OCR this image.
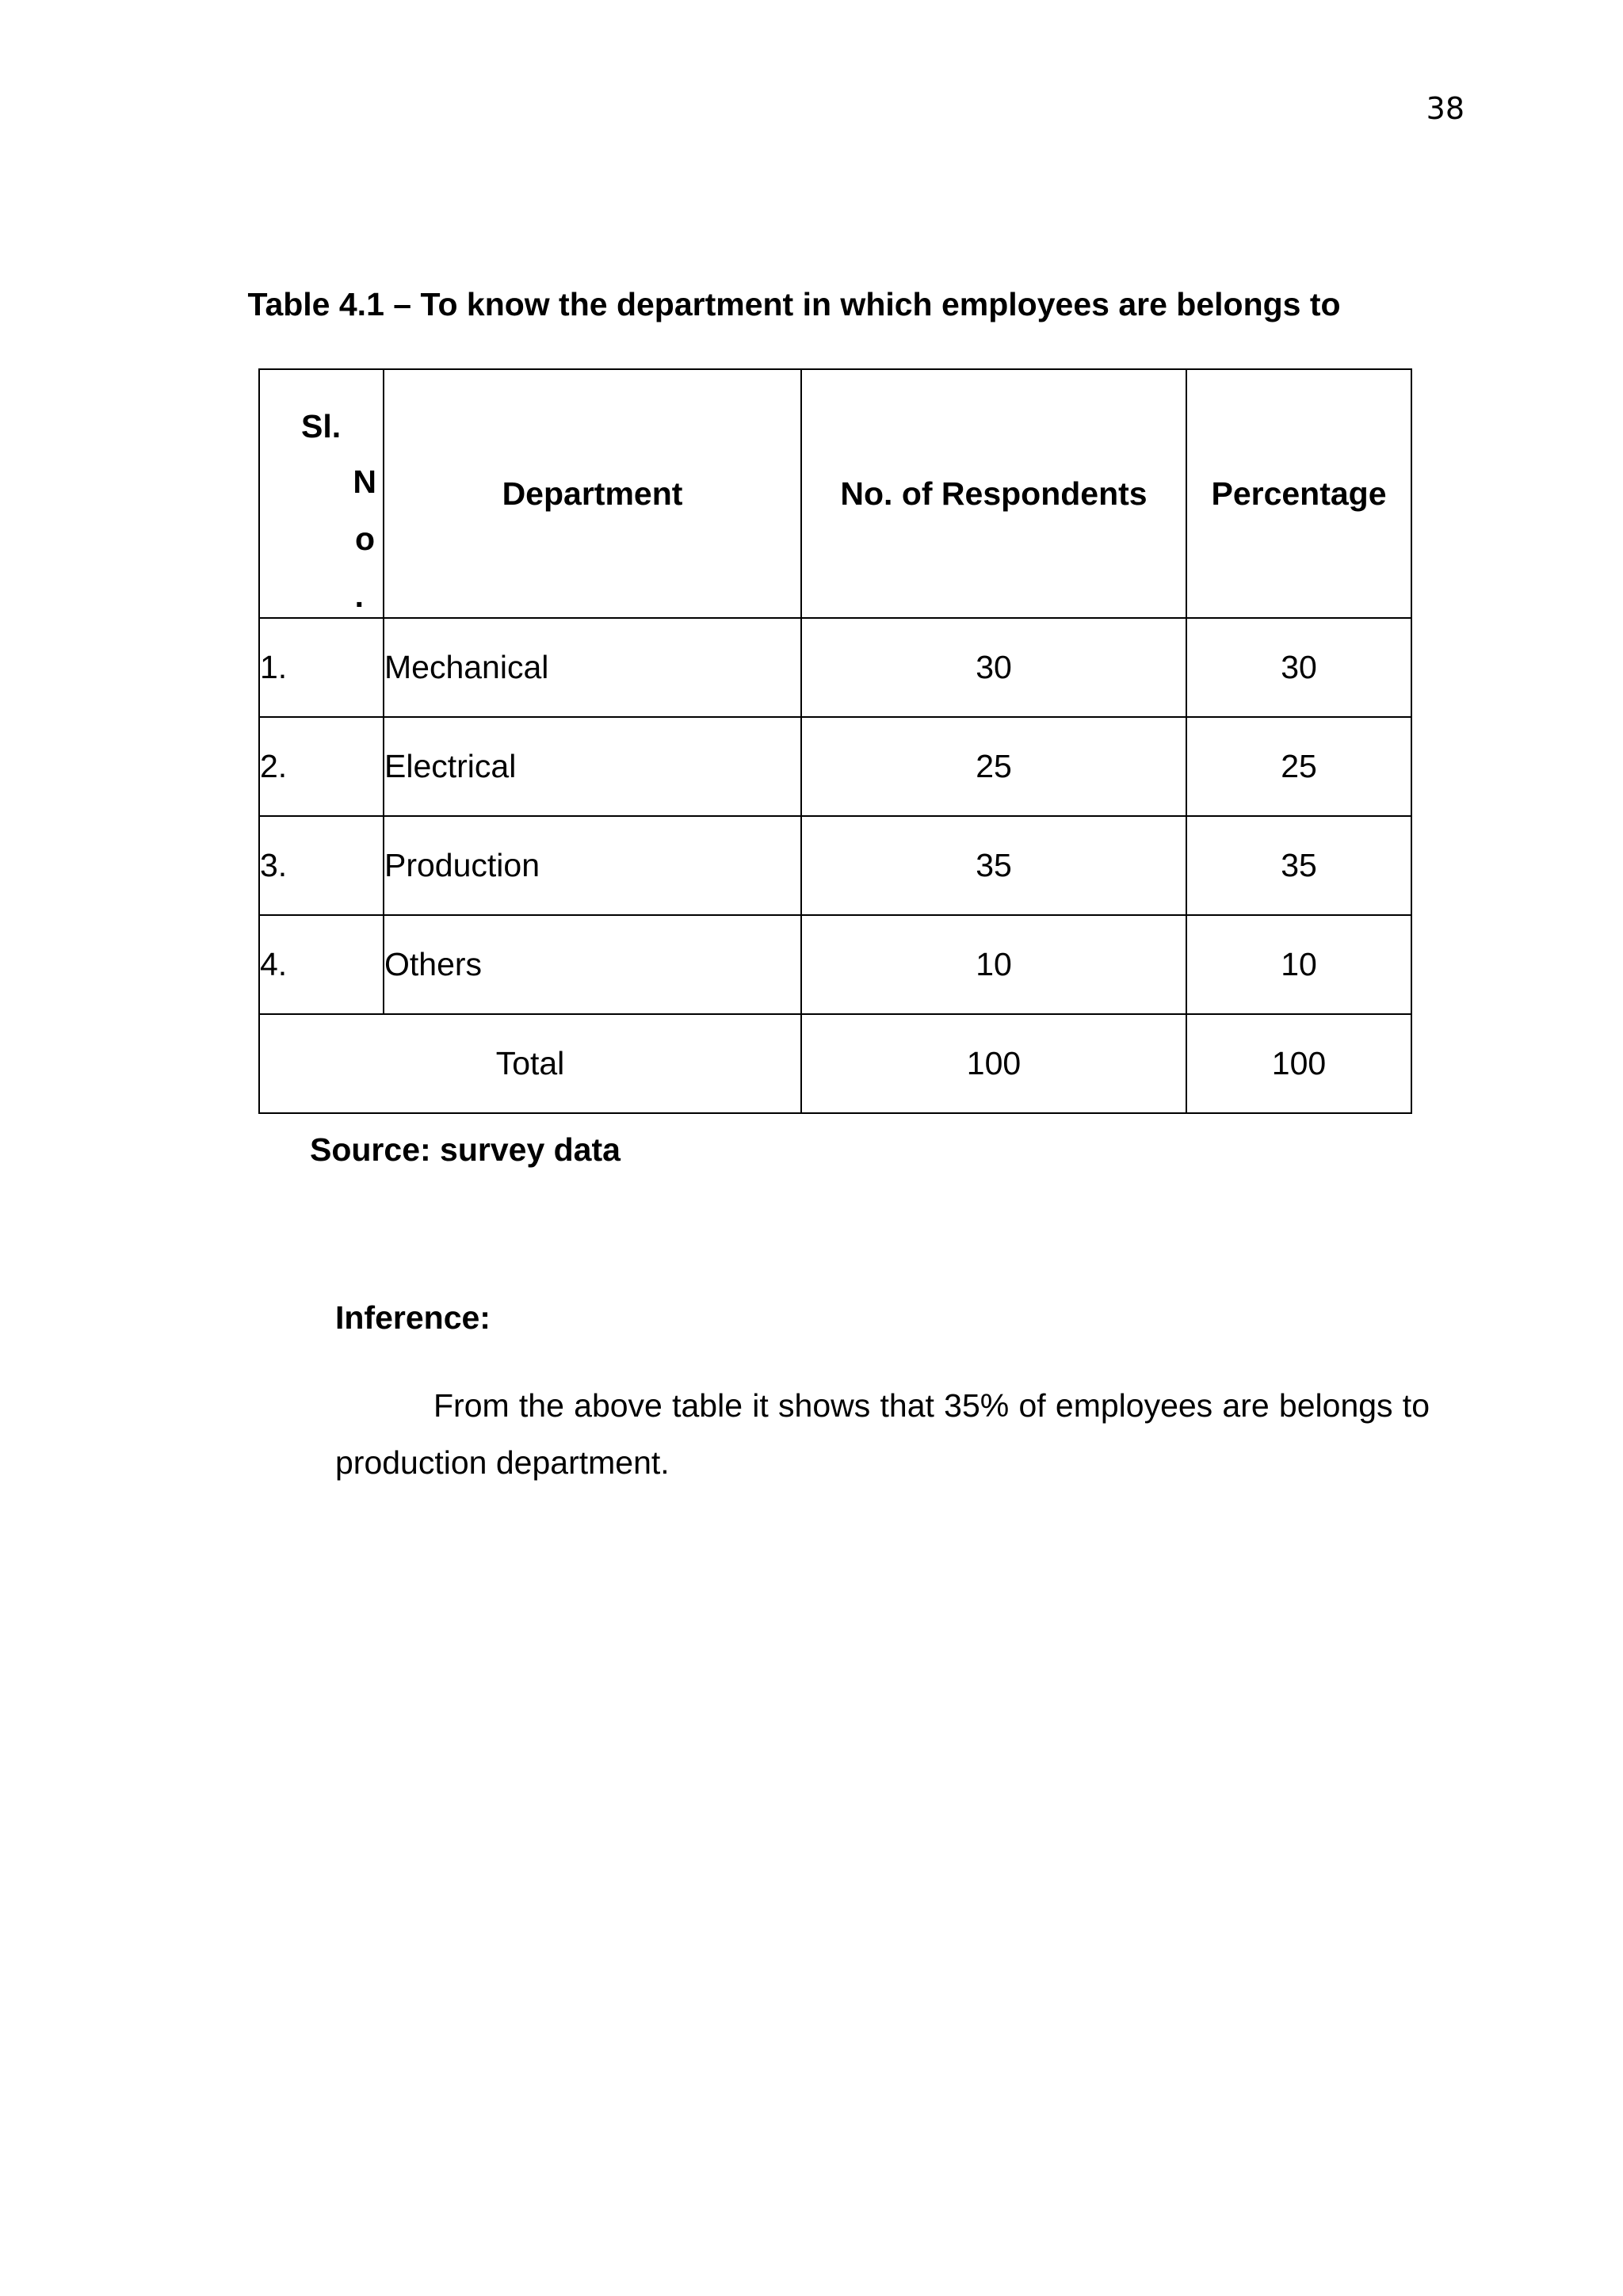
38
Table 4.1 – To know the department in which employees are belongs to
Sl.
N
o
.	Department	No. of Respondents	Percentage
1.	Mechanical	30	30
2.	Electrical	25	25
3.	Production	35	35
4.	Others	10	10
Total		100	100
Source: survey data
Inference:

From the above table it shows that 35% of employees are belongs to production department.
